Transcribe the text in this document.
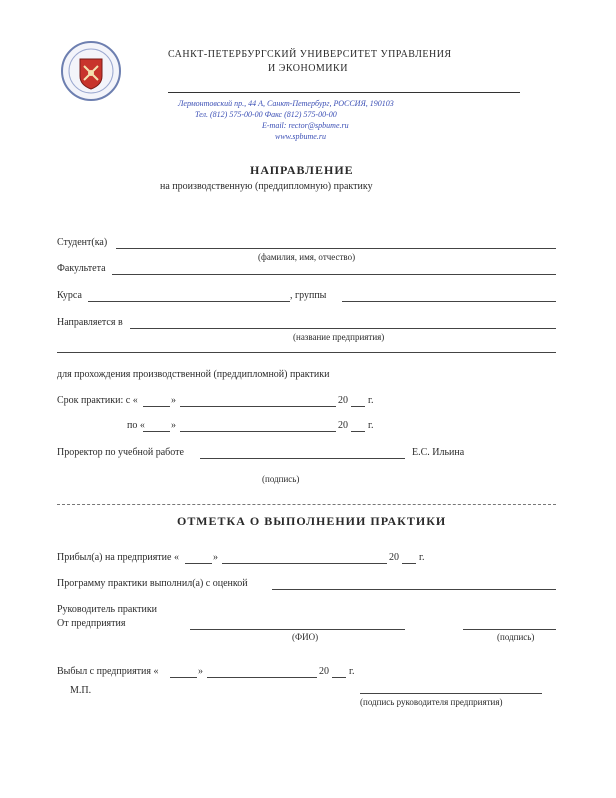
САНКТ-ПЕТЕРБУРГСКИЙ УНИВЕРСИТЕТ УПРАВЛЕНИЯ
И ЭКОНОМИКИ
Лермонтовский пр., 44 А, Санкт-Петербург, РОССИЯ, 190103
Тел. (812) 575-00-00 Факс (812) 575-00-00
E-mail: rector@spbume.ru
www.spbume.ru
НАПРАВЛЕНИЕ
на производственную (преддипломную) практику
Студент(ка)
(фамилия, имя, отчество)
Факультета
Курса	, группы
Направляется в
(название предприятия)
для прохождения производственной (преддипломной) практики
Срок практики: с «	»	20 г.
по «	»	20 г.
Проректор по учебной работе	Е.С. Ильина
(подпись)
ОТМЕТКА О ВЫПОЛНЕНИИ ПРАКТИКИ
Прибыл(а) на предприятие «	»	20 г.
Программу практики выполнил(а) с оценкой
Руководитель практики
От предприятия
(ФИО)	(подпись)
Выбыл с предприятия «	»	20 г.
М.П.
(подпись руководителя предприятия)
